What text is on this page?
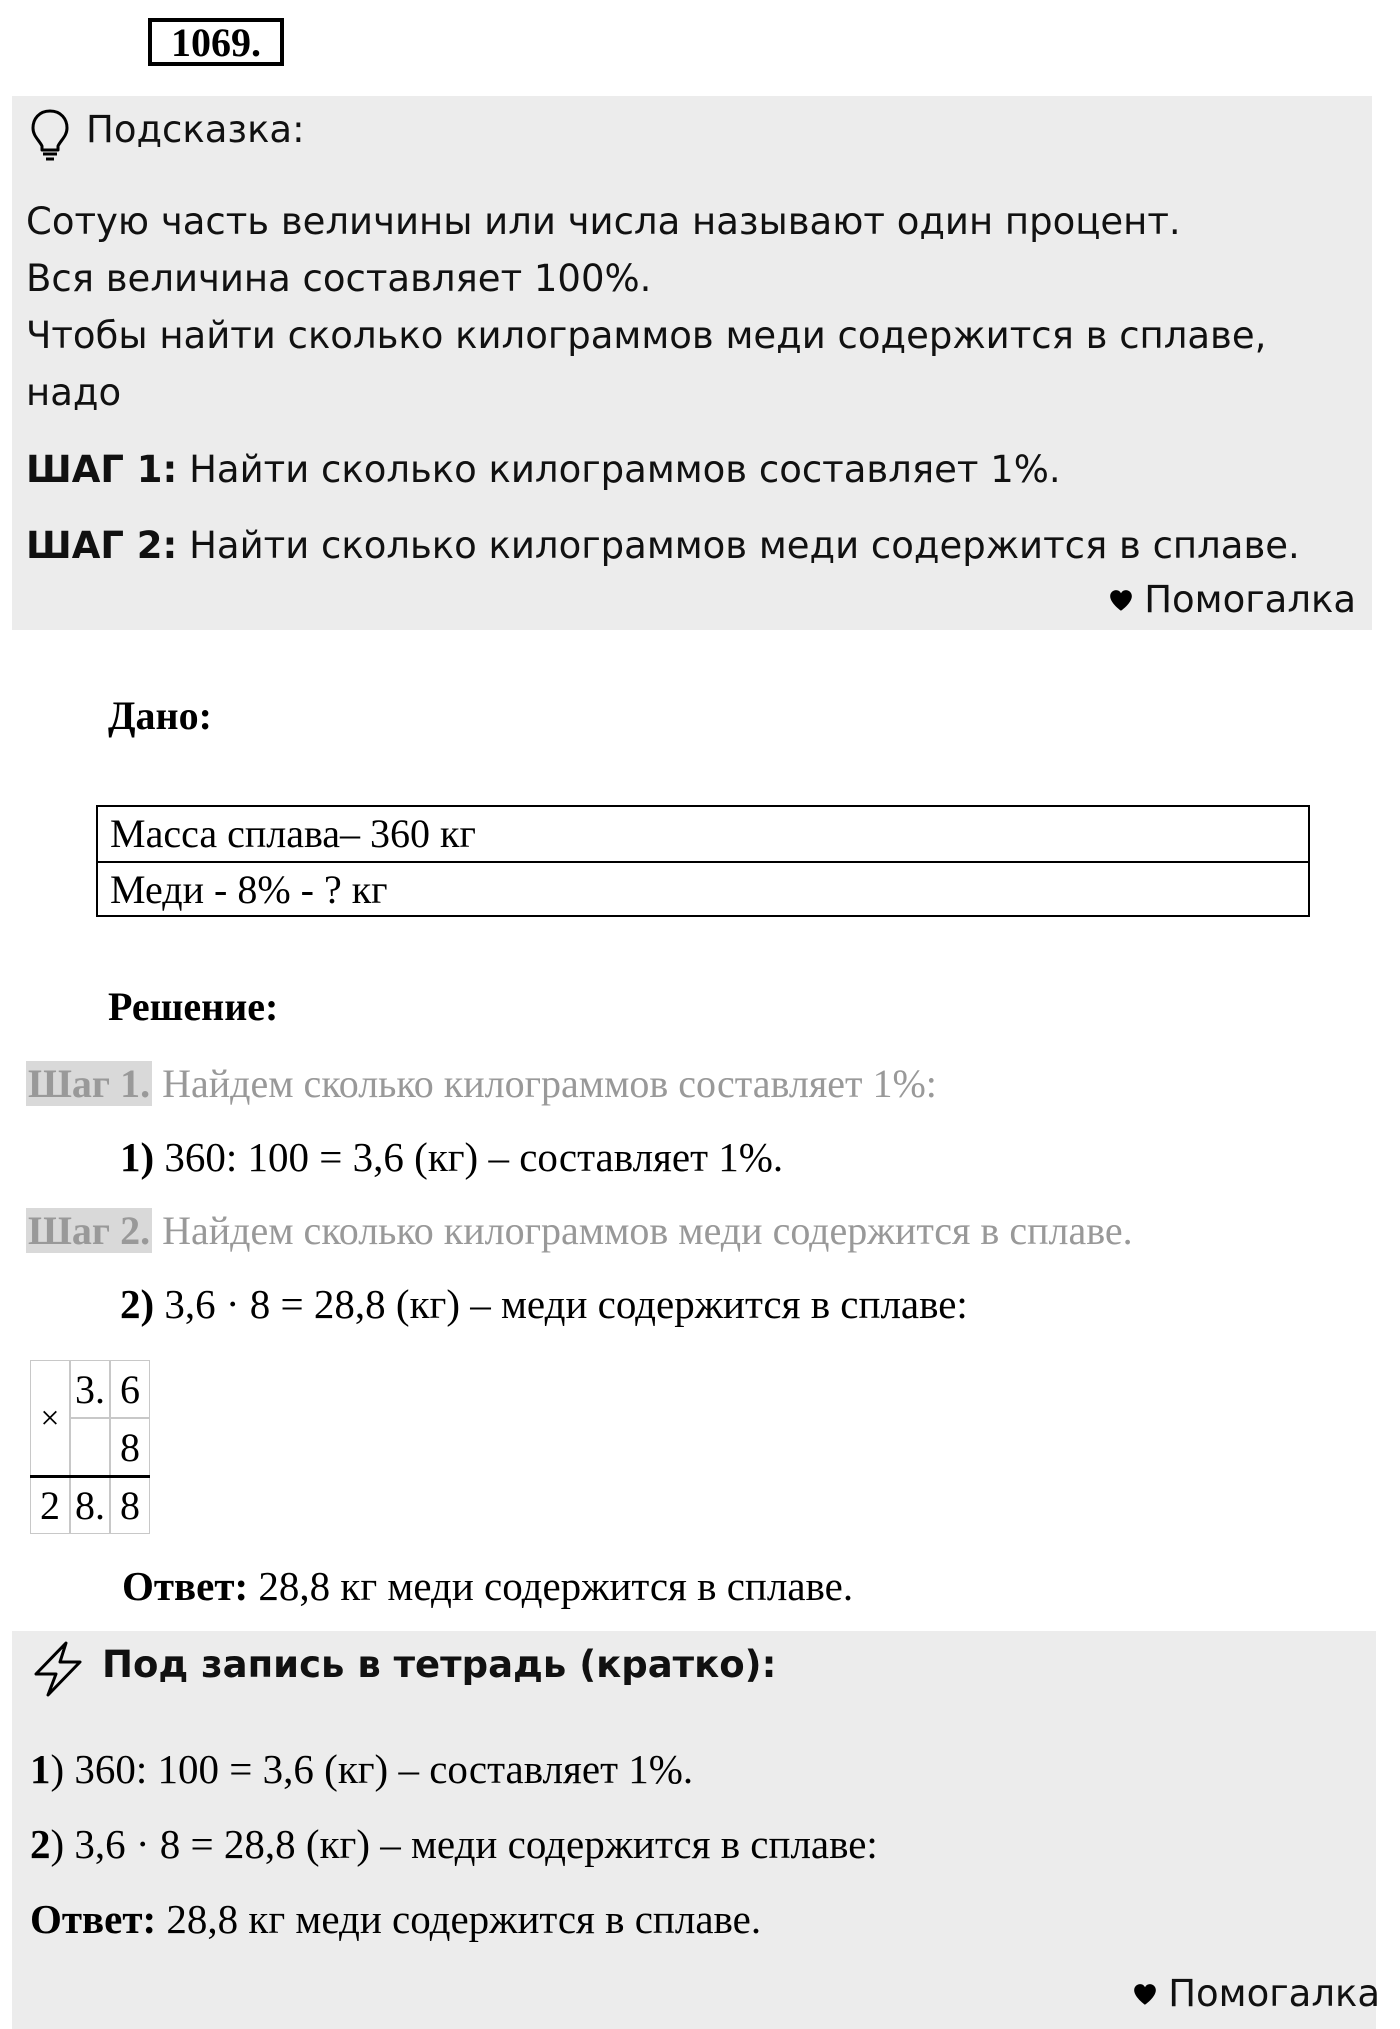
1069.
Подсказка:
Сотую часть величины или числа называют один процент.
Вся величина составляет 100%.
Чтобы найти сколько килограммов меди содержится в сплаве,
надо
ШАГ 1: Найти сколько килограммов составляет 1%.
ШАГ 2: Найти сколько килограммов меди содержится в сплаве.
Помогалка
Дано:
Масса сплава– 360 кг
Меди - 8% - ? кг
Решение:
Шаг 1. Найдем сколько килограммов составляет 1%:
1) 360: 100 = 3,6 (кг) – составляет 1%.
Шаг 2. Найдем сколько килограммов меди содержится в сплаве.
2) 3,6 · 8 = 28,8 (кг) – меди содержится в сплаве:
×
3. 6
8
2 8. 8
Ответ: 28,8 кг меди содержится в сплаве.
Под запись в тетрадь (кратко):
1) 360: 100 = 3,6 (кг) – составляет 1%.
2) 3,6 · 8 = 28,8 (кг) – меди содержится в сплаве:
Ответ: 28,8 кг меди содержится в сплаве.
Помогалка
